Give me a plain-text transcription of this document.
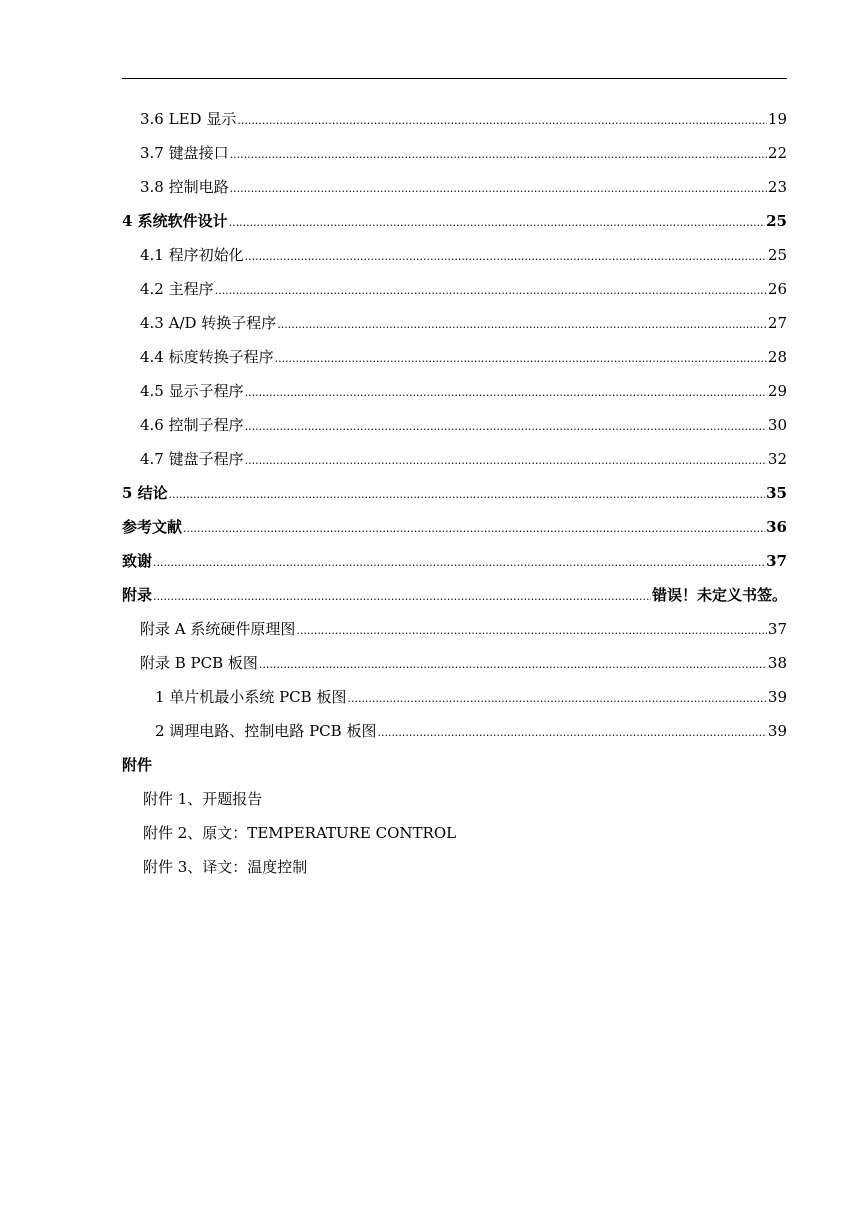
3.6 LED 显示 .....	19
3.7 键盘接口 .....	22
3.8 控制电路 .....	23
4 系统软件设计 .....	25
4.1 程序初始化 .....	25
4.2 主程序 .....	26
4.3 A/D 转换子程序 .....	27
4.4 标度转换子程序 .....	28
4.5 显示子程序 .....	29
4.6 控制子程序 .....	30
4.7 键盘子程序 .....	32
5 结论 .....	35
参考文献 .....	36
致谢 .....	37
附录 .....	错误！未定义书签。
附录 A 系统硬件原理图 .....	37
附录 B PCB 板图 .....	38
1 单片机最小系统 PCB 板图 .....	39
2 调理电路、控制电路 PCB 板图 .....	39
附件
附件 1、开题报告
附件 2、原文：TEMPERATURE CONTROL
附件 3、译文：温度控制
